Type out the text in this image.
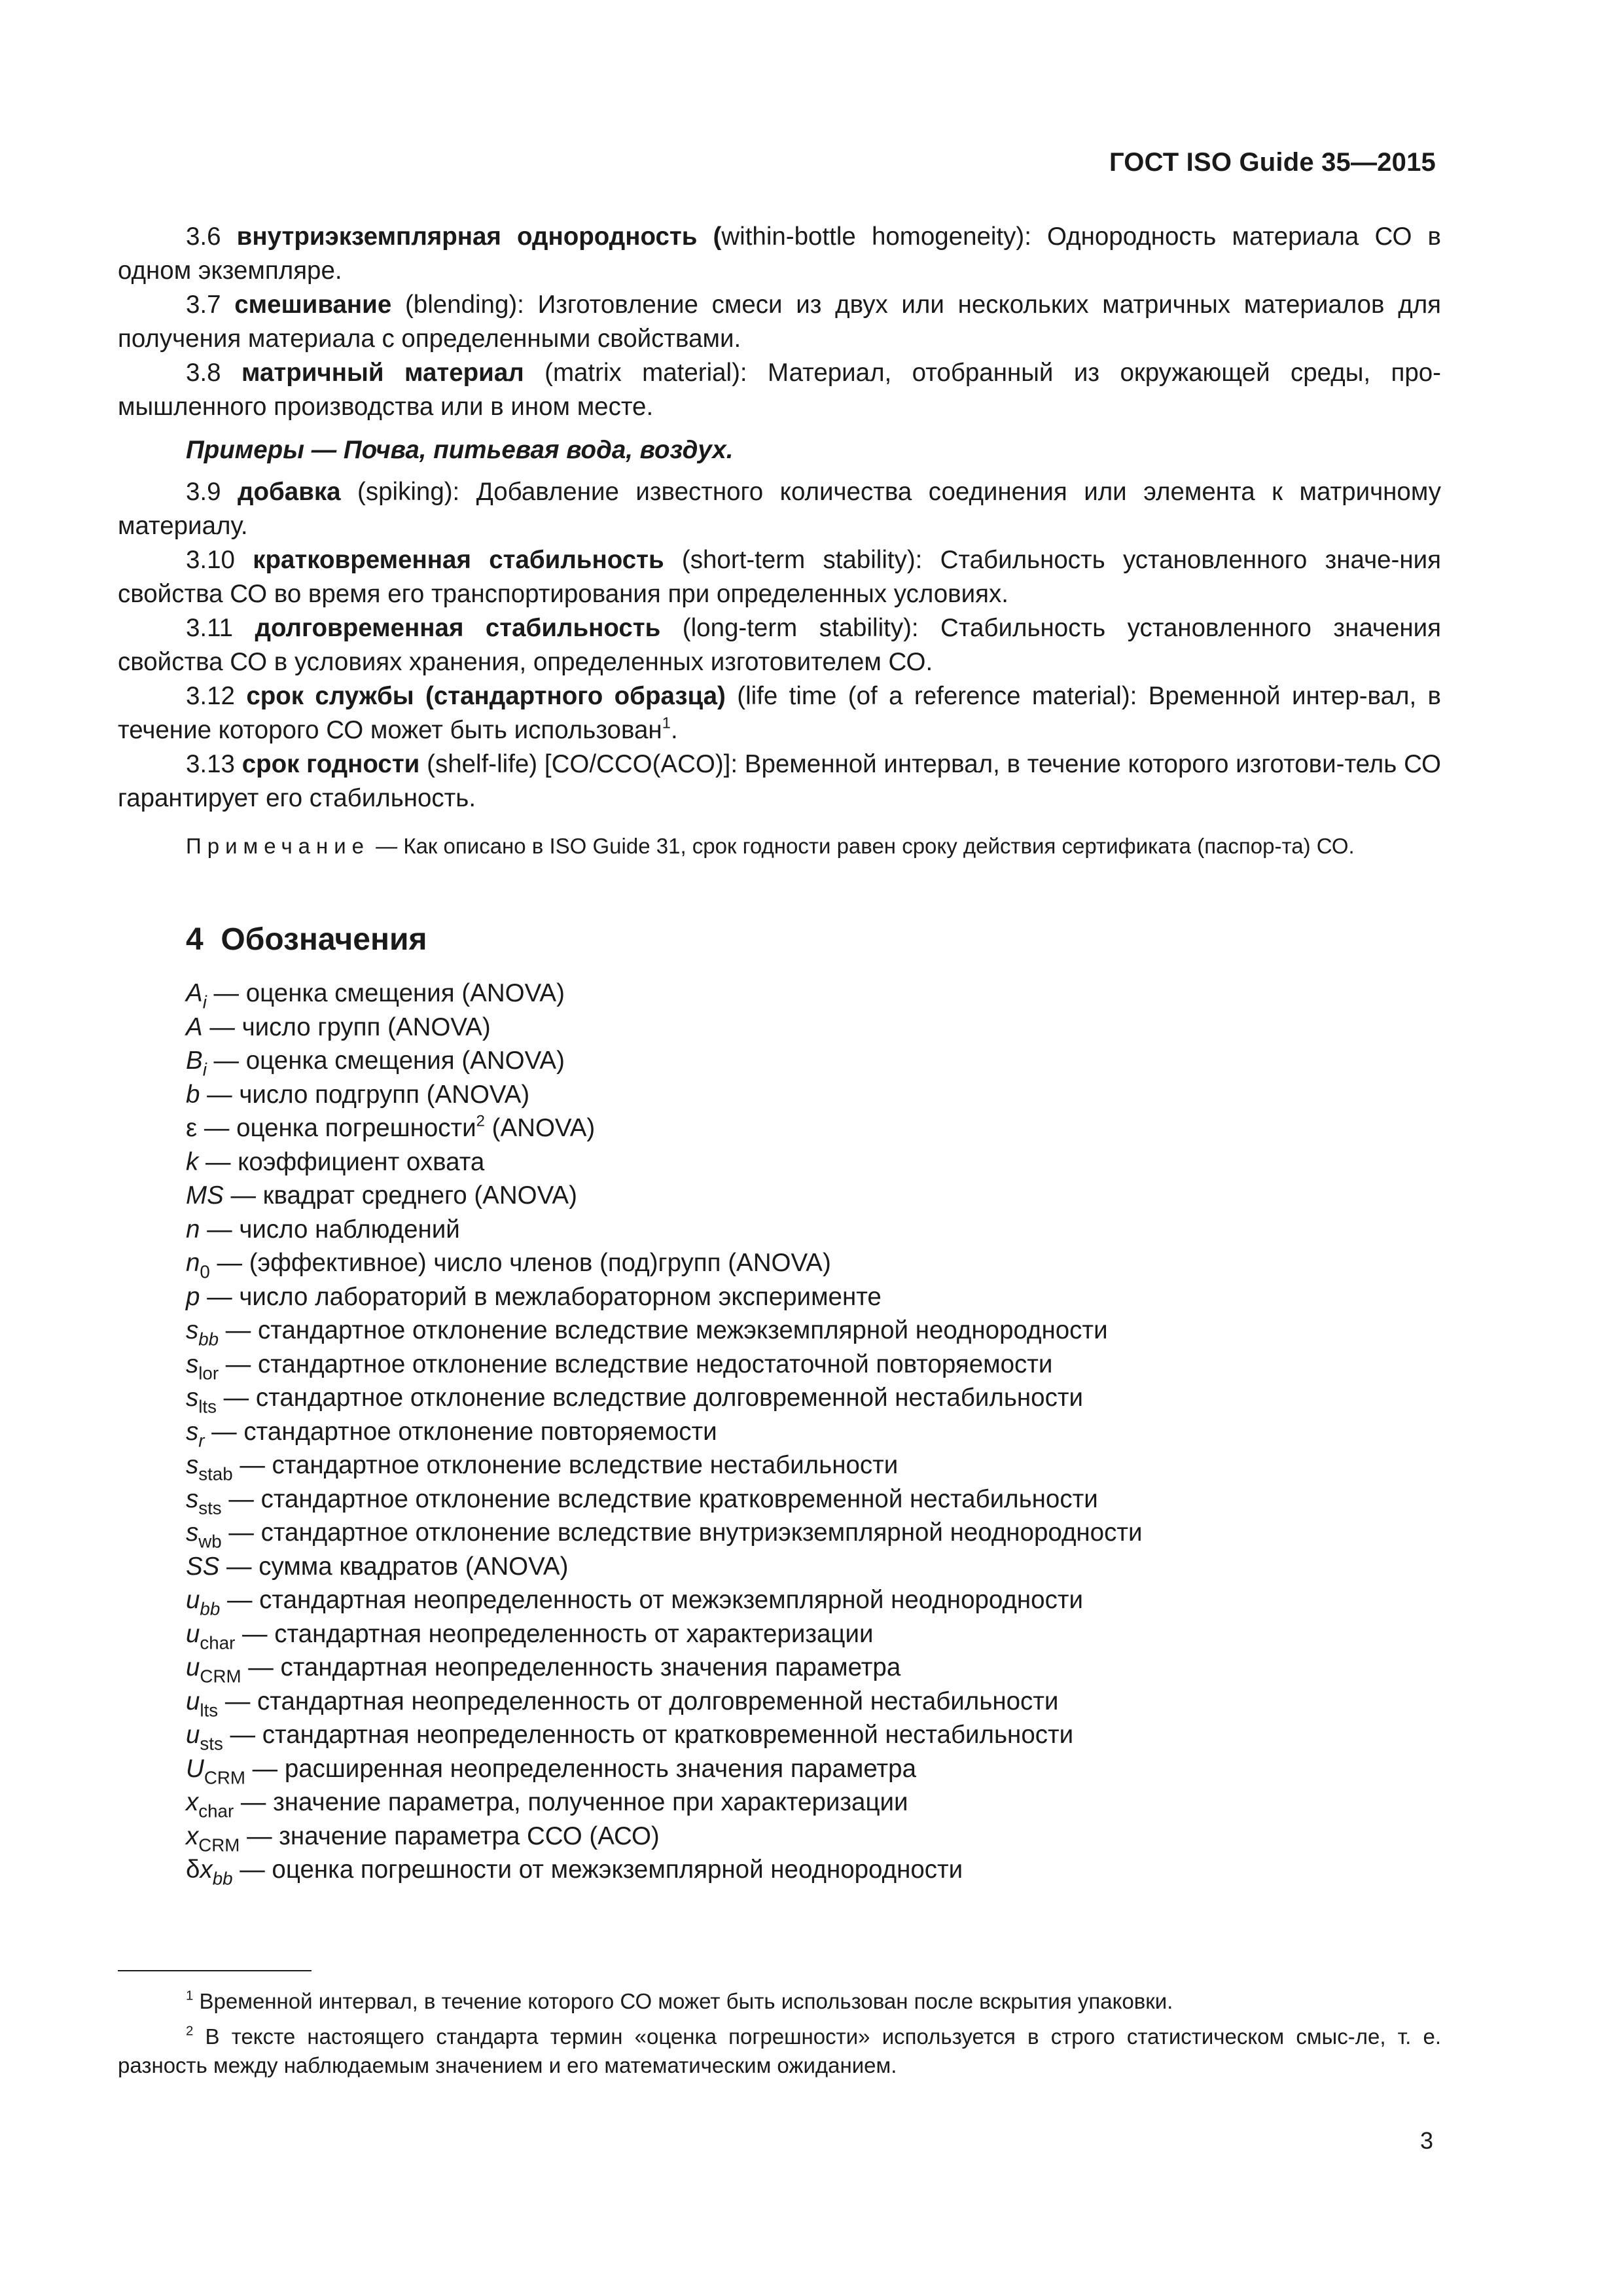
ГОСТ ISO Guide 35—2015

3.6 внутриэкземплярная однородность (within-bottle homogeneity): Однородность материала СО в одном экземпляре.

3.7 смешивание (blending): Изготовление смеси из двух или нескольких матричных материалов для получения материала с определенными свойствами.

3.8 матричный материал (matrix material): Материал, отобранный из окружающей среды, про-мышленного производства или в ином месте.

Примеры — Почва, питьевая вода, воздух.

3.9 добавка (spiking): Добавление известного количества соединения или элемента к матричному материалу.

3.10 кратковременная стабильность (short-term stability): Стабильность установленного значе-ния свойства СО во время его транспортирования при определенных условиях.

3.11 долговременная стабильность (long-term stability): Стабильность установленного значения свойства СО в условиях хранения, определенных изготовителем СО.

3.12 срок службы (стандартного образца) (life time (of a reference material): Временной интер-вал, в течение которого СО может быть использован$^1$.

3.13 срок годности (shelf-life) [CO/CCO(ACO)]: Временной интервал, в течение которого изготови-тель СО гарантирует его стабильность.

Примечание — Как описано в ISO Guide 31, срок годности равен сроку действия сертификата (паспор-та) СО.

4 Обозначения
$A_i$ — оценка смещения (ANOVA)
A — число групп (ANOVA)
$B_i$ — оценка смещения (ANOVA)
b — число подгрупп (ANOVA)
ε — оценка погрешности$^2$ (ANOVA)
k — коэффициент охвата
MS — квадрат среднего (ANOVA)
n — число наблюдений
$n_0$ — (эффективное) число членов (под)групп (ANOVA)
p — число лабораторий в межлабораторном эксперименте
$s_{bb}$ — стандартное отклонение вследствие межэкземплярной неоднородности
$s_{lor}$ — стандартное отклонение вследствие недостаточной повторяемости
$s_{lts}$ — стандартное отклонение вследствие долговременной нестабильности
$s_r$ — стандартное отклонение повторяемости
$s_{stab}$ — стандартное отклонение вследствие нестабильности
$s_{sts}$ — стандартное отклонение вследствие кратковременной нестабильности
$s_{wb}$ — стандартное отклонение вследствие внутриэкземплярной неоднородности
SS — сумма квадратов (ANOVA)
$u_{bb}$ — стандартная неопределенность от межэкземплярной неоднородности
$u_{char}$ — стандартная неопределенность от характеризации
$u_{CRM}$ — стандартная неопределенность значения параметра
$u_{lts}$ — стандартная неопределенность от долговременной нестабильности
$u_{sts}$ — стандартная неопределенность от кратковременной нестабильности
$U_{CRM}$ — расширенная неопределенность значения параметра
$x_{char}$ — значение параметра, полученное при характеризации
$x_{CRM}$ — значение параметра ССО (АСО)
$\delta x_{bb}$ — оценка погрешности от межэкземплярной неоднородности

$^1$ Временной интервал, в течение которого СО может быть использован после вскрытия упаковки.

$^2$ В тексте настоящего стандарта термин «оценка погрешности» используется в строго статистическом смыс-ле, т. е. разность между наблюдаемым значением и его математическим ожиданием.

3
